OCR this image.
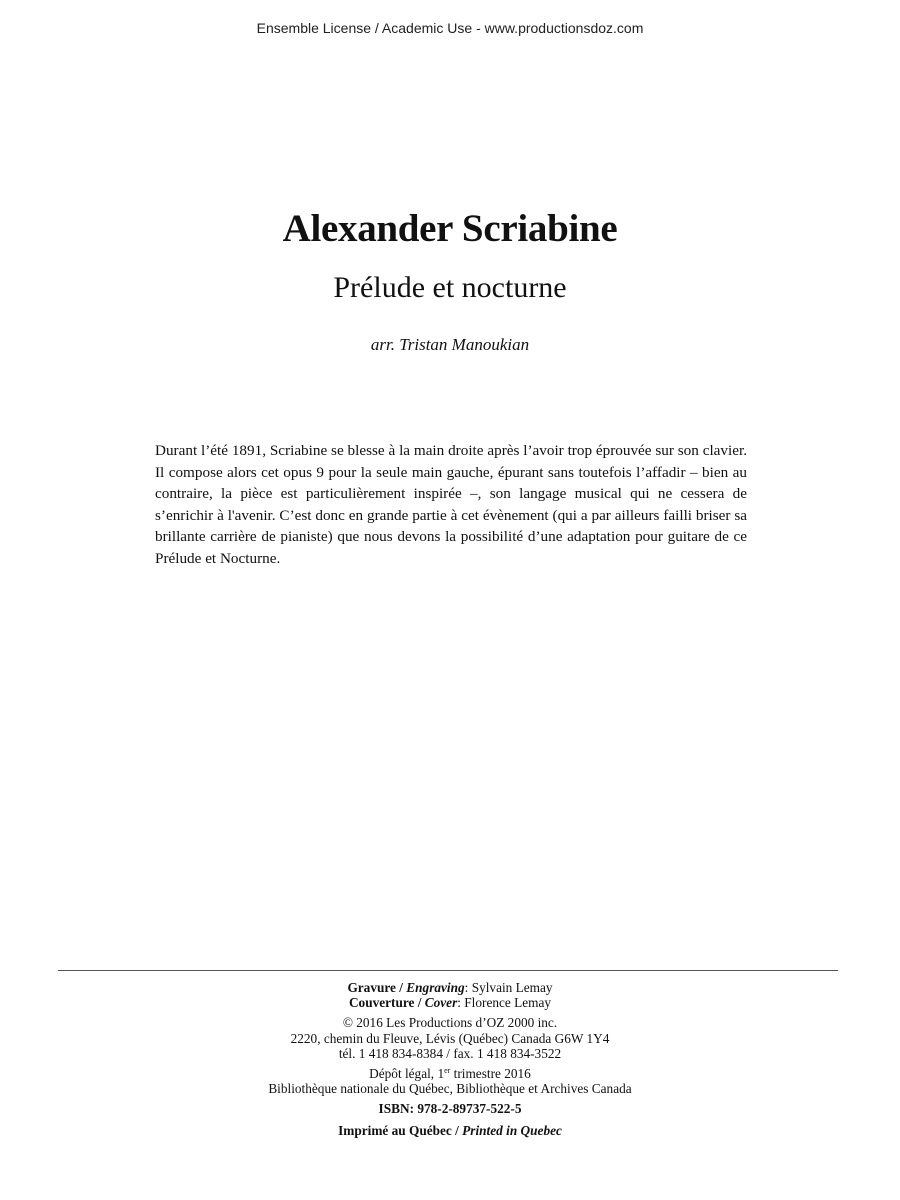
Ensemble License / Academic Use - www.productionsdoz.com
Alexander Scriabine
Prélude et nocturne
arr. Tristan Manoukian
Durant l’été 1891, Scriabine se blesse à la main droite après l’avoir trop éprouvée sur son clavier. Il compose alors cet opus 9 pour la seule main gauche, épurant sans toutefois l’affadir – bien au contraire, la pièce est particulièrement inspirée –, son langage musical qui ne cessera de s’enrichir à l'avenir. C’est donc en grande partie à cet évènement (qui a par ailleurs failli briser sa brillante carrière de pianiste) que nous devons la possibilité d’une adaptation pour guitare de ce Prélude et Nocturne.
Gravure / Engraving: Sylvain Lemay
Couverture / Cover: Florence Lemay
© 2016 Les Productions d’OZ 2000 inc.
2220, chemin du Fleuve, Lévis (Québec) Canada G6W 1Y4
tél. 1 418 834-8384 / fax. 1 418 834-3522
Dépôt légal, 1er trimestre 2016
Bibliothèque nationale du Québec, Bibliothèque et Archives Canada
ISBN: 978-2-89737-522-5
Imprimé au Québec / Printed in Quebec
